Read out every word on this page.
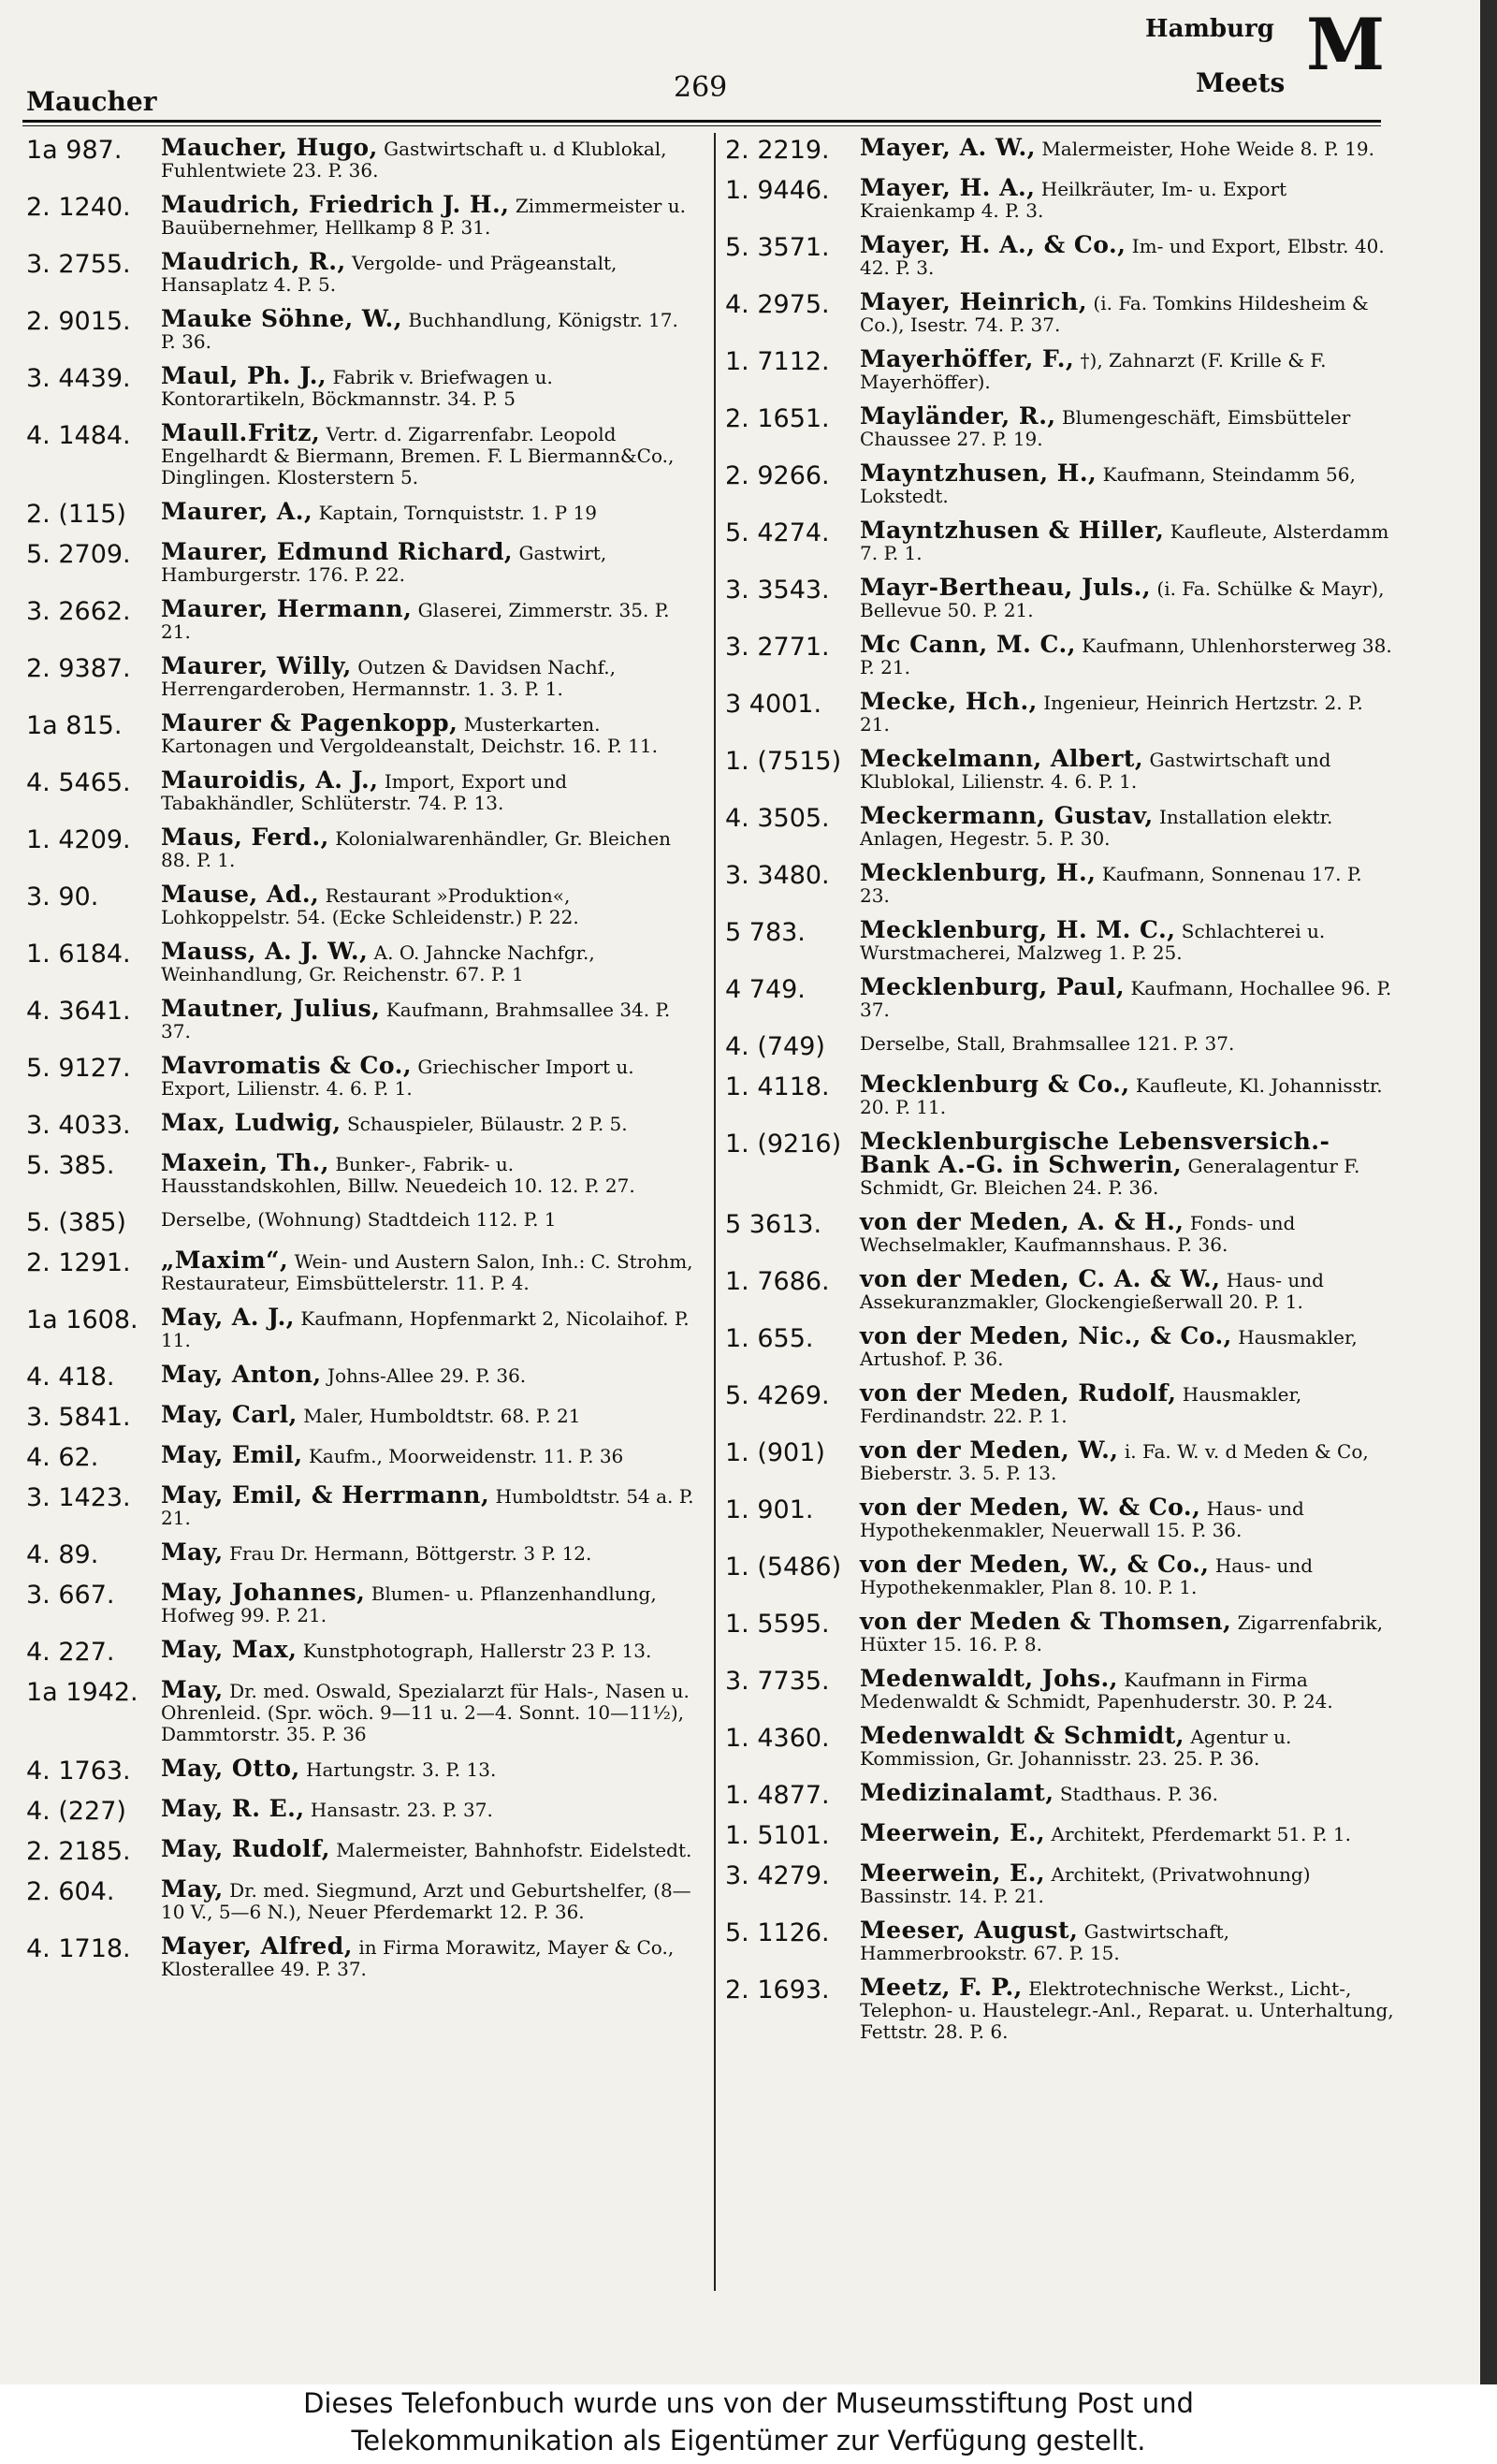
Maucher	269
Hamburg
Meets M
1a 987.	Maucher, Hugo, Gastwirtschaft u. d Klublokal, Fuhlentwiete 23. P. 36.
2. 1240.	Maudrich, Friedrich J. H., Zimmermeister u. Bauübernehmer, Hellkamp 8 P. 31.
3. 2755.	Maudrich, R., Vergolde- und Prägeanstalt, Hansaplatz 4. P. 5.
2. 9015.	Mauke Söhne, W., Buchhandlung, Königstr. 17. P. 36.
3. 4439.	Maul, Ph. J., Fabrik v. Briefwagen u. Kontorartikeln, Böckmannstr. 34. P. 5
4. 1484.	Maull.Fritz, Vertr. d. Zigarrenfabr. Leopold Engelhardt & Biermann, Bremen. F. L Biermann&Co., Dinglingen. Klosterstern 5.
2. (115)	Maurer, A., Kaptain, Tornquiststr. 1. P 19
5. 2709.	Maurer, Edmund Richard, Gastwirt, Hamburgerstr. 176. P. 22.
3. 2662.	Maurer, Hermann, Glaserei, Zimmerstr. 35. P. 21.
2. 9387.	Maurer, Willy, Outzen & Davidsen Nachf., Herrengarderoben, Hermannstr. 1. 3. P. 1.
1a 815.	Maurer & Pagenkopp, Musterkarten. Kartonagen und Vergoldeanstalt, Deichstr. 16. P. 11.
4. 5465.	Mauroidis, A. J., Import, Export und Tabakhändler, Schlüterstr. 74. P. 13.
1. 4209.	Maus, Ferd., Kolonialwarenhändler, Gr. Bleichen 88. P. 1.
3. 90.	Mause, Ad., Restaurant »Produktion«, Lohkoppelstr. 54. (Ecke Schleidenstr.) P. 22.
1. 6184.	Mauss, A. J. W., A. O. Jahncke Nachfgr., Weinhandlung, Gr. Reichenstr. 67. P. 1
4. 3641.	Mautner, Julius, Kaufmann, Brahmsallee 34. P. 37.
5. 9127.	Mavromatis & Co., Griechischer Import u. Export, Lilienstr. 4. 6. P. 1.
3. 4033.	Max, Ludwig, Schauspieler, Bülaustr. 2 P. 5.
5. 385.	Maxein, Th., Bunker-, Fabrik- u. Hausstandskohlen, Billw. Neuedeich 10. 12. P. 27.
5. (385)	Derselbe, (Wohnung) Stadtdeich 112. P. 1
2. 1291.	„Maxim“, Wein- und Austern Salon, Inh.: C. Strohm, Restaurateur, Eimsbüttelerstr. 11. P. 4.
1a 1608. May, A. J., Kaufmann, Hopfenmarkt 2, Nicolaihof. P. 11.
4. 418.	May, Anton, Johns-Allee 29. P. 36.
3. 5841.	May, Carl, Maler, Humboldtstr. 68. P. 21
4. 62.	May, Emil, Kaufm., Moorweidenstr. 11. P. 36
3. 1423.	May, Emil, & Herrmann, Humboldtstr. 54 a. P. 21.
4. 89.	May, Frau Dr. Hermann, Böttgerstr. 3 P. 12.
3. 667.	May, Johannes, Blumen- u. Pflanzenhandlung, Hofweg 99. P. 21.
4. 227.	May, Max, Kunstphotograph, Hallerstr 23 P. 13.
1a 1942. May, Dr. med. Oswald, Spezialarzt für Hals-, Nasen u. Ohrenleid. (Spr. wöch. 9—11 u. 2—4. Sonnt. 10—11½), Dammtorstr. 35. P. 36
4. 1763.	May, Otto, Hartungstr. 3. P. 13.
4. (227)	May, R. E., Hansastr. 23. P. 37.
2. 2185.	May, Rudolf, Malermeister, Bahnhofstr. Eidelstedt.
2. 604.	May, Dr. med. Siegmund, Arzt und Geburtshelfer, (8—10 V., 5—6 N.), Neuer Pferdemarkt 12. P. 36.
4. 1718.	Mayer, Alfred, in Firma Morawitz, Mayer & Co., Klosterallee 49. P. 37.
2. 2219.	Mayer, A. W., Malermeister, Hohe Weide 8. P. 19.
1. 9446.	Mayer, H. A., Heilkräuter, Im- u. Export Kraienkamp 4. P. 3.
5. 3571.	Mayer, H. A., & Co., Im- und Export, Elbstr. 40. 42. P. 3.
4. 2975.	Mayer, Heinrich, (i. Fa. Tomkins Hildesheim & Co.), Isestr. 74. P. 37.
1. 7112.	Mayerhöffer, F., †), Zahnarzt (F. Krille & F. Mayerhöffer).
2. 1651.	Mayländer, R., Blumengeschäft, Eimsbütteler Chaussee 27. P. 19.
2. 9266.	Mayntzhusen, H., Kaufmann, Steindamm 56, Lokstedt.
5. 4274.	Mayntzhusen & Hiller, Kaufleute, Alsterdamm 7. P. 1.
3. 3543.	Mayr-Bertheau, Juls., (i. Fa. Schülke & Mayr), Bellevue 50. P. 21.
3. 2771.	Mc Cann, M. C., Kaufmann, Uhlenhorsterweg 38. P. 21.
3 4001.	Mecke, Hch., Ingenieur, Heinrich Hertzstr. 2. P. 21.
1. (7515) Meckelmann, Albert, Gastwirtschaft und Klublokal, Lilienstr. 4. 6. P. 1.
4. 3505.	Meckermann, Gustav, Installation elektr. Anlagen, Hegestr. 5. P. 30.
3. 3480.	Mecklenburg, H., Kaufmann, Sonnenau 17. P. 23.
5 783.	Mecklenburg, H. M. C., Schlachterei u. Wurstmacherei, Malzweg 1. P. 25.
4 749.	Mecklenburg, Paul, Kaufmann, Hochallee 96. P. 37.
4. (749)	Derselbe, Stall, Brahmsallee 121. P. 37.
1. 4118.	Mecklenburg & Co., Kaufleute, Kl. Johannisstr. 20. P. 11.
1. (9216) Mecklenburgische Lebensversich.-Bank A.-G. in Schwerin, Generalagentur F. Schmidt, Gr. Bleichen 24. P. 36.
5 3613.	von der Meden, A. & H., Fonds- und Wechselmakler, Kaufmannshaus. P. 36.
1. 7686.	von der Meden, C. A. & W., Haus- und Assekuranzmakler, Glockengießerwall 20. P. 1.
1. 655.	von der Meden, Nic., & Co., Hausmakler, Artushof. P. 36.
5. 4269.	von der Meden, Rudolf, Hausmakler, Ferdinandstr. 22. P. 1.
1. (901)	von der Meden, W., i. Fa. W. v. d Meden & Co, Bieberstr. 3. 5. P. 13.
1. 901.	von der Meden, W. & Co., Haus- und Hypothekenmakler, Neuerwall 15. P. 36.
1. (5486) von der Meden, W., & Co., Haus- und Hypothekenmakler, Plan 8. 10. P. 1.
1. 5595.	von der Meden & Thomsen, Zigarrenfabrik, Hüxter 15. 16. P. 8.
3. 7735.	Medenwaldt, Johs., Kaufmann in Firma Medenwaldt & Schmidt, Papenhuderstr. 30. P. 24.
1. 4360.	Medenwaldt & Schmidt, Agentur u. Kommission, Gr. Johannisstr. 23. 25. P. 36.
1. 4877.	Medizinalamt, Stadthaus. P. 36.
1. 5101.	Meerwein, E., Architekt, Pferdemarkt 51. P. 1.
3. 4279.	Meerwein, E., Architekt, (Privatwohnung) Bassinstr. 14. P. 21.
5. 1126.	Meeser, August, Gastwirtschaft, Hammerbrookstr. 67. P. 15.
2. 1693.	Meetz, F. P., Elektrotechnische Werkst., Licht-, Telephon- u. Haustelegr.-Anl., Reparat. u. Unterhaltung, Fettstr. 28. P. 6.
Dieses Telefonbuch wurde uns von der Museumsstiftung Post und
Telekommunikation als Eigentümer zur Verfügung gestellt.
